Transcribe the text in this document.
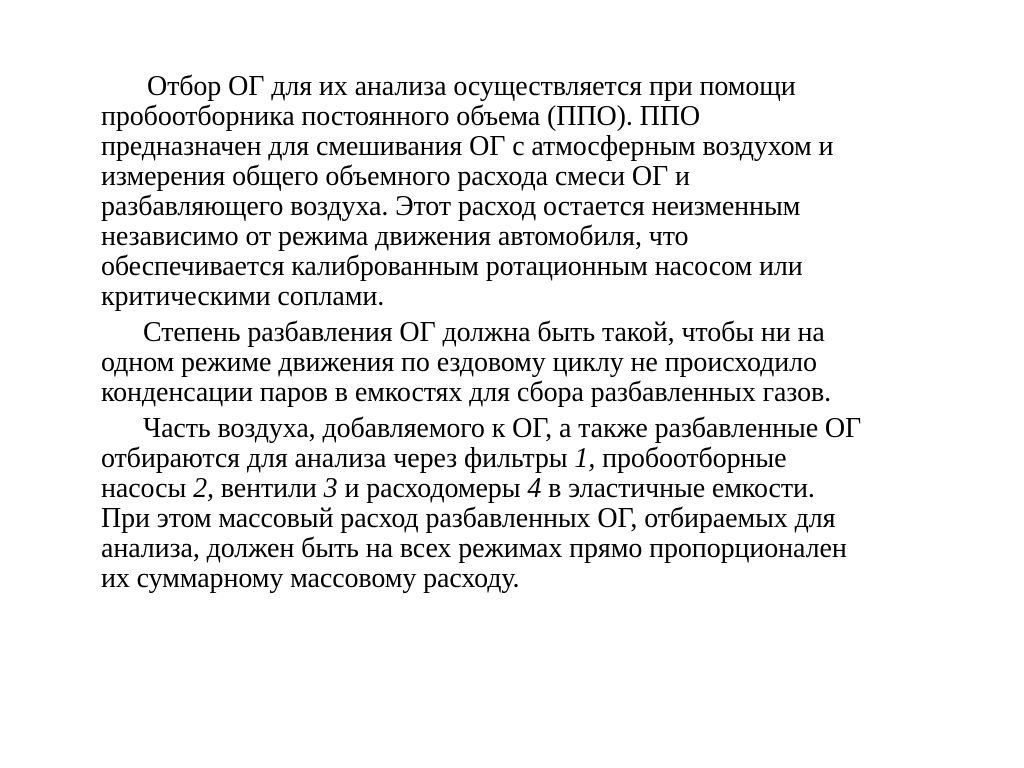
Отбор ОГ для их анализа осуществляется при помощи
пробоотборника постоянного объема (ППО). ППО
предназначен для смешивания ОГ с атмосферным воздухом и
измерения общего объемного расхода смеси ОГ и
разбавляющего воздуха. Этот расход остается неизменным
независимо от режима движения автомобиля, что
обеспечивается калиброванным ротационным насосом или
критическими соплами.

Степень разбавления ОГ должна быть такой, чтобы ни на
одном режиме движения по ездовому циклу не происходило
конденсации паров в емкостях для сбора разбавленных газов.

Часть воздуха, добавляемого к ОГ, а также разбавленные ОГ
отбираются для анализа через фильтры 1, пробоотборные
насосы 2, вентили 3 и расходомеры 4 в эластичные емкости.
При этом массовый расход разбавленных ОГ, отбираемых для
анализа, должен быть на всех режимах прямо пропорционален
их суммарному массовому расходу.
